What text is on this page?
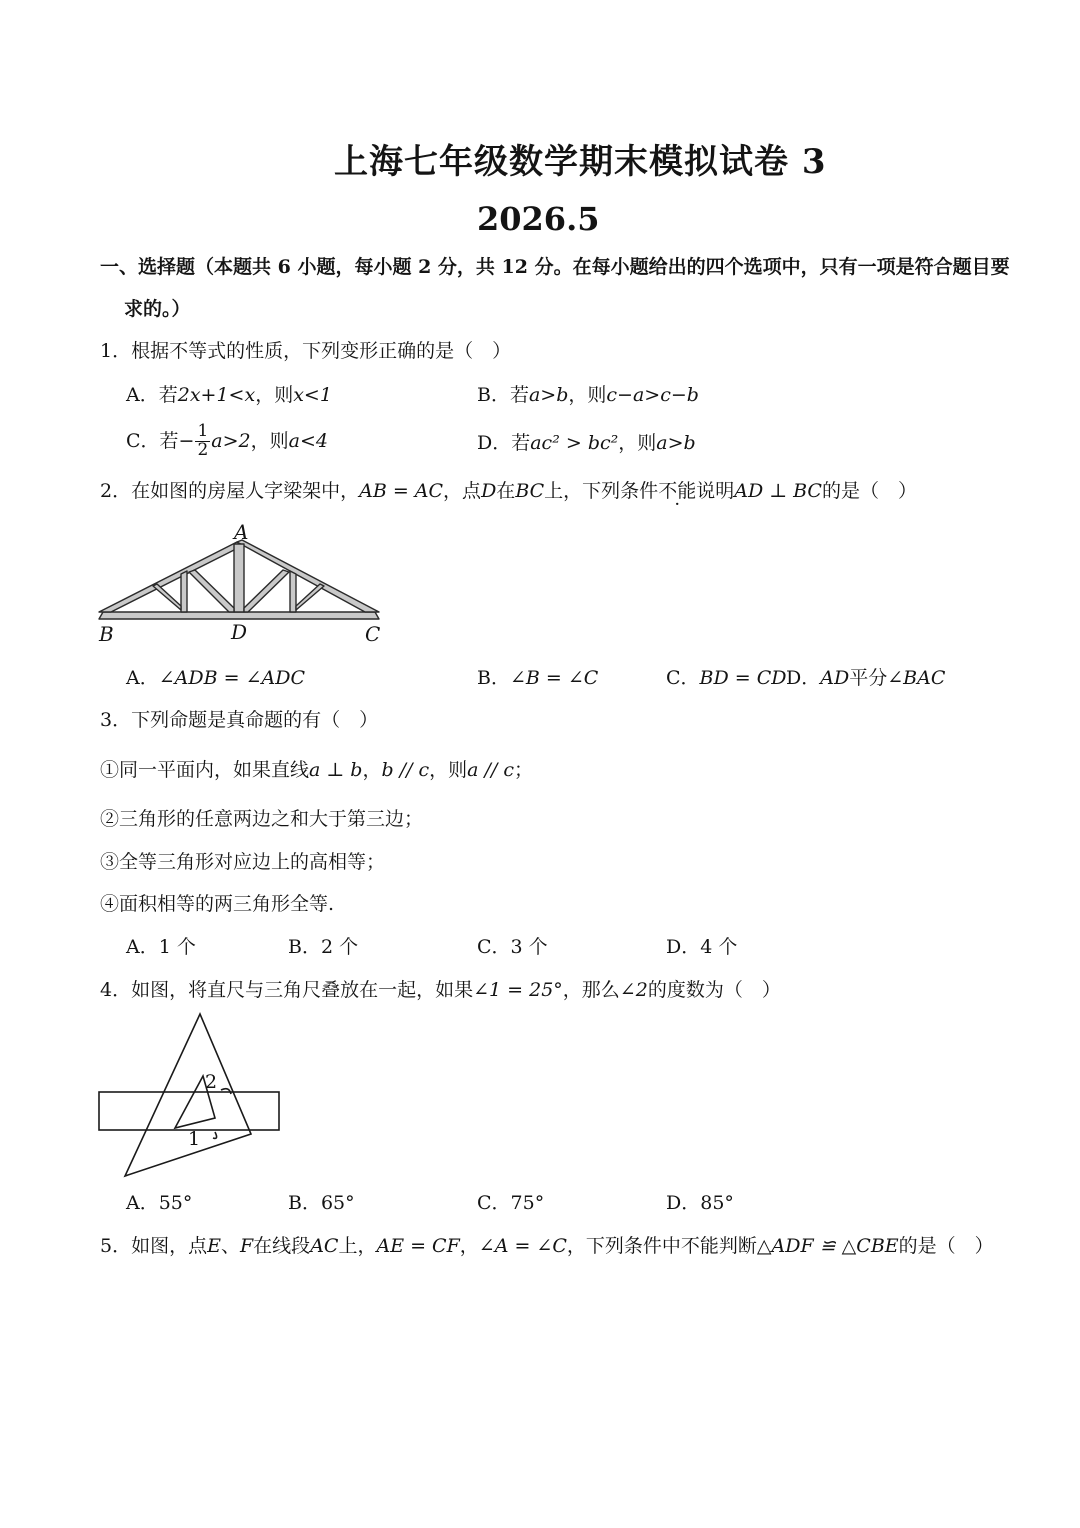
上海七年级数学期末模拟试卷 3
2026.5
一、选择题（本题共 6 小题，每小题 2 分，共 12 分。在每小题给出的四个选项中，只有一项是符合题目要
求的。）
1．根据不等式的性质，下列变形正确的是（　）
A．若2x+1<x，则x<1	B．若a>b，则c−a>c−b
C．若 − $\frac{1}{2} a>2$ ，则 a<4	D．若ac² > bc²，则a>b
2．在如图的房屋人字梁架中，AB = AC，点D在BC上，下列条件不能说明AD ⊥ BC的是（　）
A
B	D	C
A．∠ADB = ∠ADC	B．∠B = ∠C	C．BD = CD D．AD平分∠BAC
3．下列命题是真命题的有（　）
①同一平面内，如果直线a ⊥ b，b // c，则a // c；
②三角形的任意两边之和大于第三边；
③全等三角形对应边上的高相等；
④面积相等的两三角形全等.
A．1 个	B．2 个	C．3 个	D．4 个
4．如图，将直尺与三角尺叠放在一起，如果∠1 = 25°，那么∠2的度数为（　）
1
2
A．55°	B．65°	C．75°	D．85°
5．如图，点E、F在线段AC上，AE = CF，∠A = ∠C，下列条件中不能判断△ADF ≌ △CBE的是（　）
